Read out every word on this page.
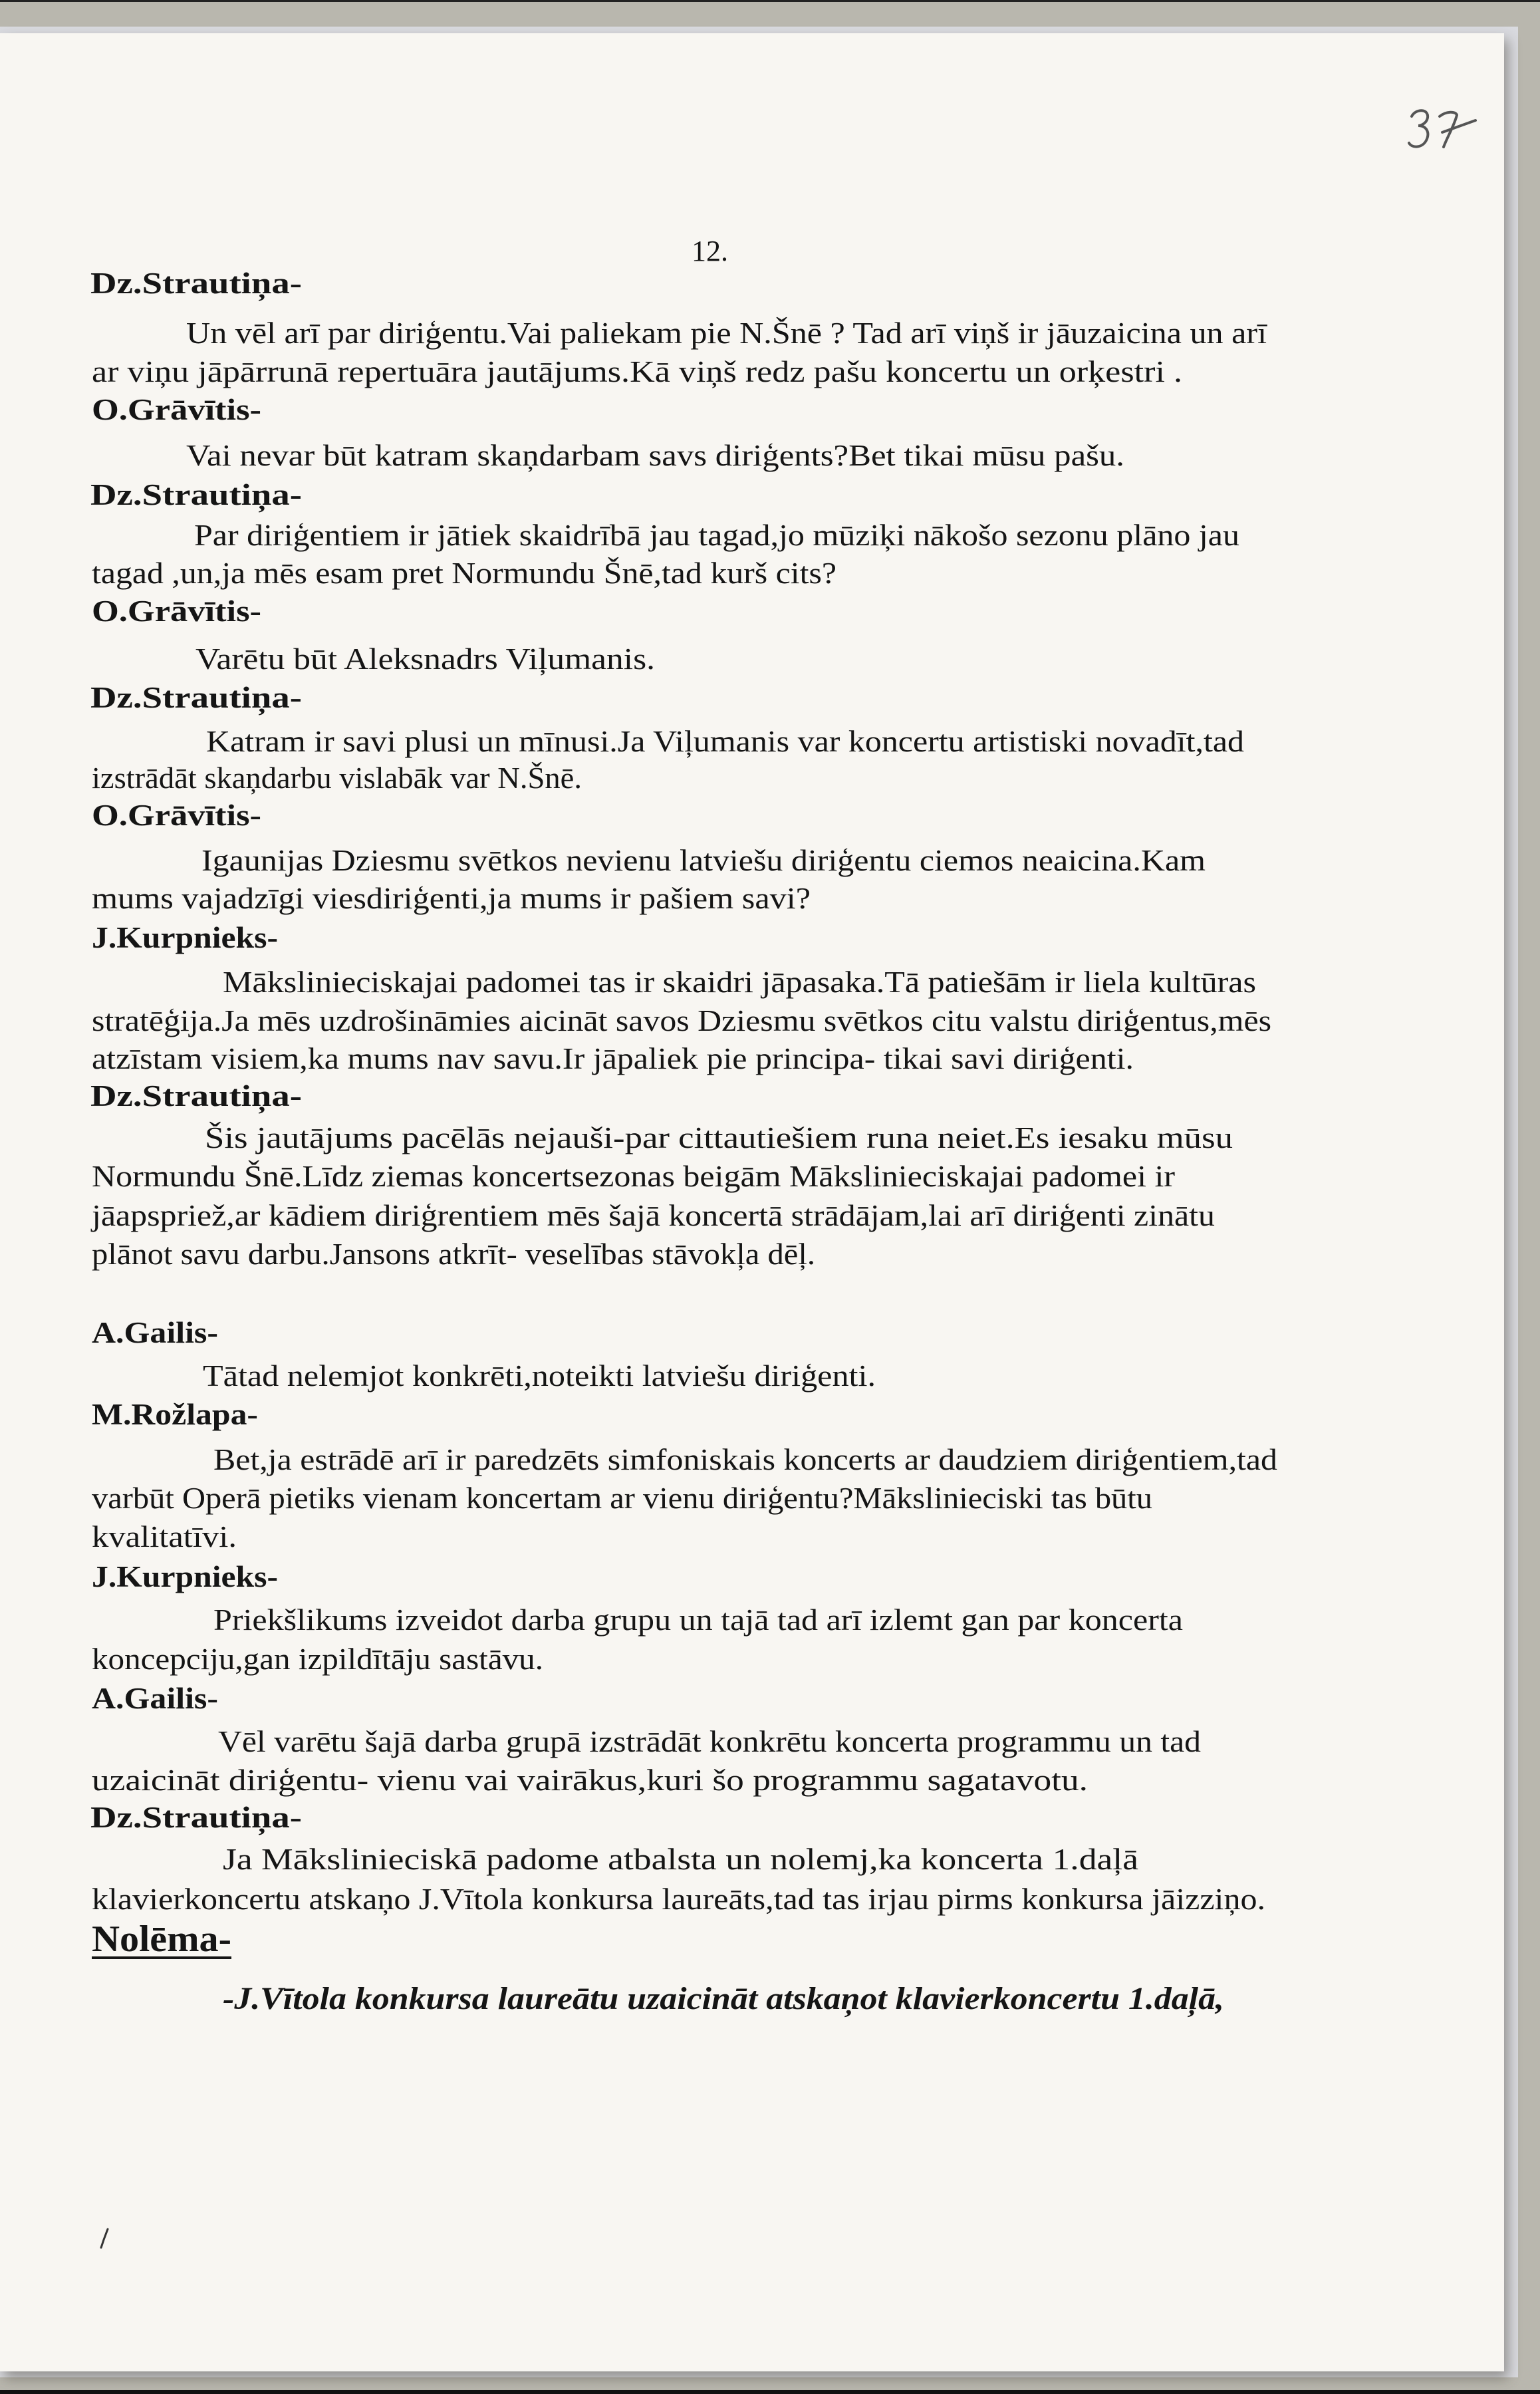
12.
Dz.Strautiņa-
Un vēl arī par diriģentu.Vai paliekam pie N.Šnē ? Tad arī viņš ir jāuzaicina un arī
ar viņu jāpārrunā repertuāra jautājums.Kā viņš redz pašu koncertu un orķestri .
O.Grāvītis-
Vai nevar būt katram skaņdarbam savs diriģents?Bet tikai mūsu pašu.
Dz.Strautiņa-
Par diriģentiem ir jātiek skaidrībā jau tagad,jo mūziķi nākošo sezonu plāno jau
tagad ,un,ja mēs esam pret Normundu Šnē,tad kurš cits?
O.Grāvītis-
Varētu būt Aleksnadrs Viļumanis.
Dz.Strautiņa-
Katram ir savi plusi un mīnusi.Ja Viļumanis var koncertu artistiski novadīt,tad
izstrādāt skaņdarbu vislabāk var N.Šnē.
O.Grāvītis-
Igaunijas Dziesmu svētkos nevienu latviešu diriģentu ciemos neaicina.Kam
mums vajadzīgi viesdiriģenti,ja mums ir pašiem savi?
J.Kurpnieks-
Mākslinieciskajai padomei tas ir skaidri jāpasaka.Tā patiešām ir liela kultūras
stratēģija.Ja mēs uzdrošināmies aicināt savos Dziesmu svētkos citu valstu diriģentus,mēs
atzīstam visiem,ka mums nav savu.Ir jāpaliek pie principa- tikai savi diriģenti.
Dz.Strautiņa-
Šis jautājums pacēlās nejauši-par cittautiešiem runa neiet.Es iesaku mūsu
Normundu Šnē.Līdz ziemas koncertsezonas beigām Mākslinieciskajai padomei ir
jāapspriež,ar kādiem diriģrentiem mēs šajā koncertā strādājam,lai arī diriģenti zinātu
plānot savu darbu.Jansons atkrīt- veselības stāvokļa dēļ.
A.Gailis-
Tātad nelemjot konkrēti,noteikti latviešu diriģenti.
M.Rožlapa-
Bet,ja estrādē arī ir paredzēts simfoniskais koncerts ar daudziem diriģentiem,tad
varbūt Operā pietiks vienam koncertam ar vienu diriģentu?Mākslinieciski tas būtu
kvalitatīvi.
J.Kurpnieks-
Priekšlikums izveidot darba grupu un tajā tad arī izlemt gan par koncerta
koncepciju,gan izpildītāju sastāvu.
A.Gailis-
Vēl varētu šajā darba grupā izstrādāt konkrētu koncerta programmu un tad
uzaicināt diriģentu- vienu vai vairākus,kuri šo programmu sagatavotu.
Dz.Strautiņa-
Ja Mākslinieciskā padome atbalsta un nolemj,ka koncerta 1.daļā
klavierkoncertu atskaņo J.Vītola konkursa laureāts,tad tas irjau pirms konkursa jāizziņo.
Nolēma-
-J.Vītola konkursa laureātu uzaicināt atskaņot klavierkoncertu 1.daļā,
